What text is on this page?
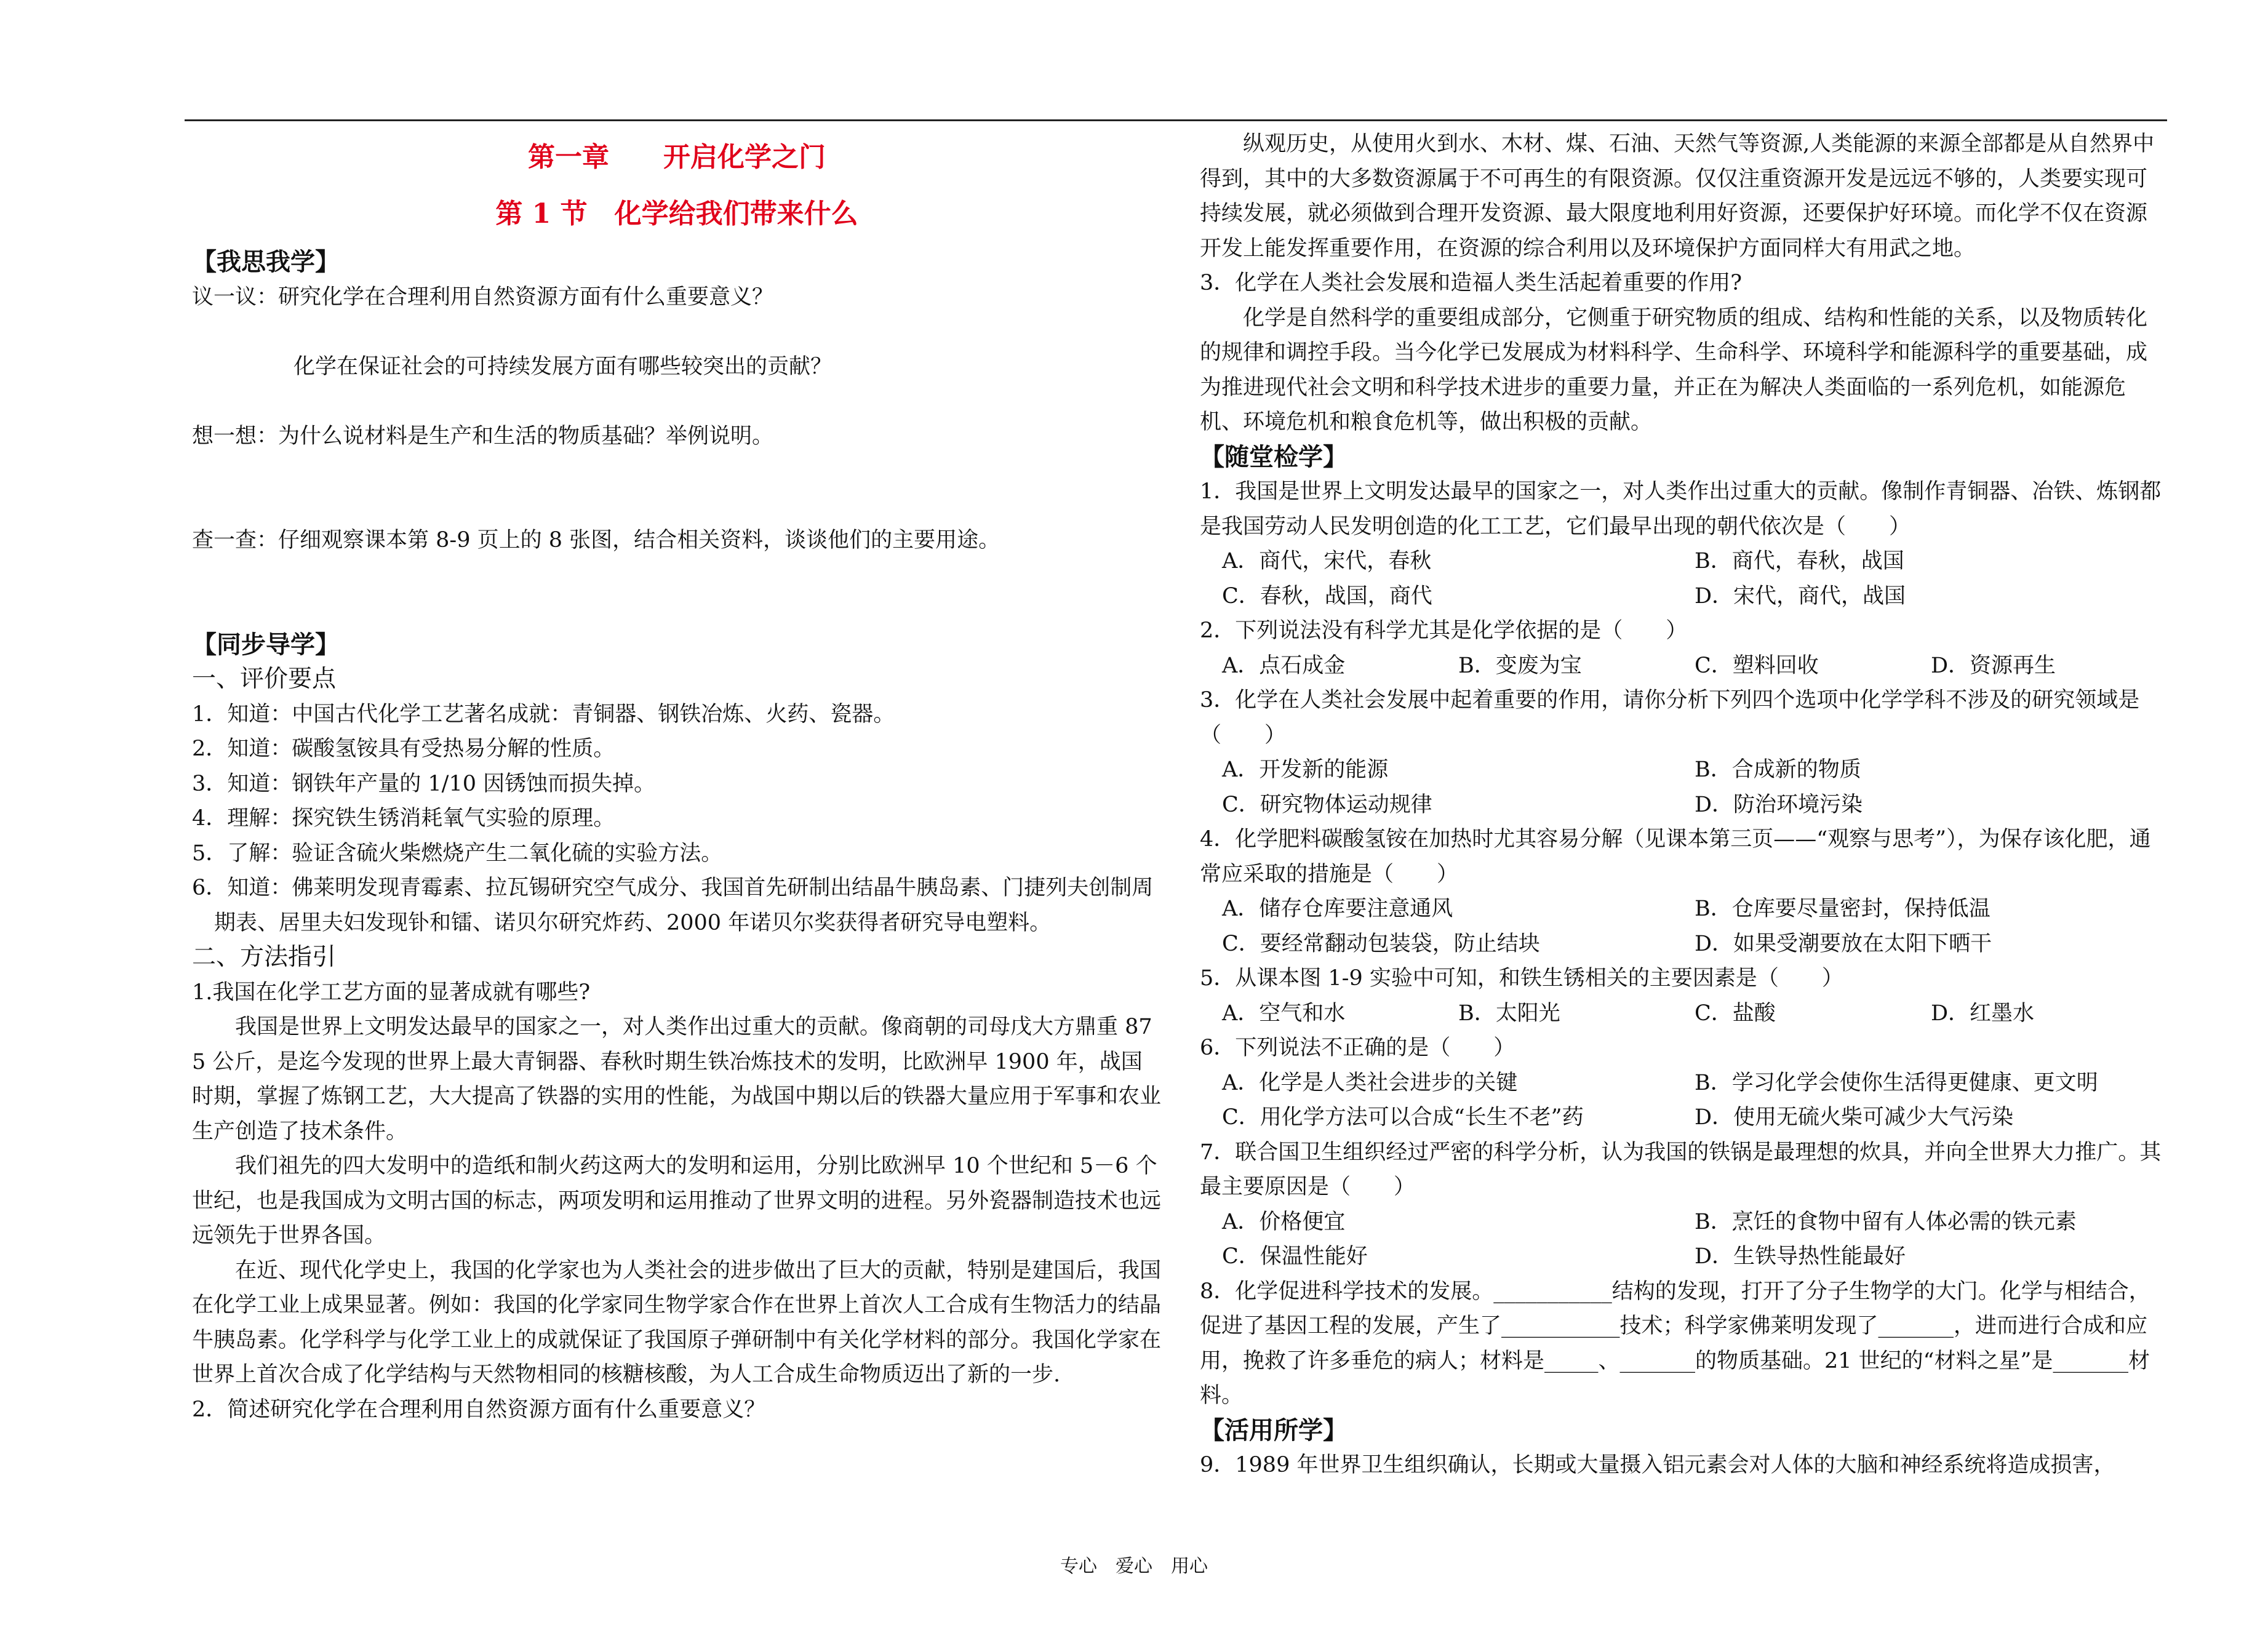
第一章　　开启化学之门
第 1 节　化学给我们带来什么
【我思我学】
议一议：研究化学在合理利用自然资源方面有什么重要意义？
化学在保证社会的可持续发展方面有哪些较突出的贡献？
想一想：为什么说材料是生产和生活的物质基础？举例说明。
查一查：仔细观察课本第 8-9 页上的 8 张图，结合相关资料，谈谈他们的主要用途。
【同步导学】
一、评价要点
1．知道：中国古代化学工艺著名成就：青铜器、钢铁冶炼、火药、瓷器。
2．知道：碳酸氢铵具有受热易分解的性质。
3．知道：钢铁年产量的 1/10 因锈蚀而损失掉。
4．理解：探究铁生锈消耗氧气实验的原理。
5．了解：验证含硫火柴燃烧产生二氧化硫的实验方法。
6．知道：佛莱明发现青霉素、拉瓦锡研究空气成分、我国首先研制出结晶牛胰岛素、门捷列夫创制周期表、居里夫妇发现钋和镭、诺贝尔研究炸药、2000 年诺贝尔奖获得者研究导电塑料。
二、方法指引
1.我国在化学工艺方面的显著成就有哪些?
我国是世界上文明发达最早的国家之一，对人类作出过重大的贡献。像商朝的司母戊大方鼎重 875 公斤，是迄今发现的世界上最大青铜器、春秋时期生铁冶炼技术的发明，比欧洲早 1900 年，战国时期，掌握了炼钢工艺，大大提高了铁器的实用的性能，为战国中期以后的铁器大量应用于军事和农业生产创造了技术条件。
我们祖先的四大发明中的造纸和制火药这两大的发明和运用，分别比欧洲早 10 个世纪和 5－6 个世纪，也是我国成为文明古国的标志，两项发明和运用推动了世界文明的进程。另外瓷器制造技术也远远领先于世界各国。
在近、现代化学史上，我国的化学家也为人类社会的进步做出了巨大的贡献，特别是建国后，我国在化学工业上成果显著。例如：我国的化学家同生物学家合作在世界上首次人工合成有生物活力的结晶牛胰岛素。化学科学与化学工业上的成就保证了我国原子弹研制中有关化学材料的部分。我国化学家在世界上首次合成了化学结构与天然物相同的核糖核酸，为人工合成生命物质迈出了新的一步.
2．简述研究化学在合理利用自然资源方面有什么重要意义？
纵观历史，从使用火到水、木材、煤、石油、天然气等资源,人类能源的来源全部都是从自然界中得到，其中的大多数资源属于不可再生的有限资源。仅仅注重资源开发是远远不够的，人类要实现可持续发展，就必须做到合理开发资源、最大限度地利用好资源，还要保护好环境。而化学不仅在资源开发上能发挥重要作用，在资源的综合利用以及环境保护方面同样大有用武之地。
3．化学在人类社会发展和造福人类生活起着重要的作用?
化学是自然科学的重要组成部分，它侧重于研究物质的组成、结构和性能的关系，以及物质转化的规律和调控手段。当今化学已发展成为材料科学、生命科学、环境科学和能源科学的重要基础，成为推进现代社会文明和科学技术进步的重要力量，并正在为解决人类面临的一系列危机，如能源危机、环境危机和粮食危机等，做出积极的贡献。
【随堂检学】
1．我国是世界上文明发达最早的国家之一，对人类作出过重大的贡献。像制作青铜器、冶铁、炼钢都是我国劳动人民发明创造的化工工艺，它们最早出现的朝代依次是（　　）
A．商代，宋代，春秋	B．商代，春秋，战国
C．春秋，战国，商代	D．宋代，商代，战国
2．下列说法没有科学尤其是化学依据的是（　　）
A．点石成金	B．变废为宝	C．塑料回收	D．资源再生
3．化学在人类社会发展中起着重要的作用，请你分析下列四个选项中化学学科不涉及的研究领域是　　（　　）
A．开发新的能源	B．合成新的物质
C．研究物体运动规律	D．防治环境污染
4．化学肥料碳酸氢铵在加热时尤其容易分解（见课本第三页——“观察与思考”），为保存该化肥，通常应采取的措施是（　　）
A．储存仓库要注意通风	B．仓库要尽量密封，保持低温
C．要经常翻动包装袋，防止结块	D．如果受潮要放在太阳下晒干
5．从课本图 1-9 实验中可知，和铁生锈相关的主要因素是（　　）
A．空气和水	B．太阳光	C．盐酸	D．红墨水
6．下列说法不正确的是（　　）
A．化学是人类社会进步的关键	B．学习化学会使你生活得更健康、更文明
C．用化学方法可以合成“长生不老”药	D．使用无硫火柴可减少大气污染
7．联合国卫生组织经过严密的科学分析，认为我国的铁锅是最理想的炊具，并向全世界大力推广。其最主要原因是（　　）
A．价格便宜	B．烹饪的食物中留有人体必需的铁元素
C．保温性能好	D．生铁导热性能最好
8．化学促进科学技术的发展。___________结构的发现，打开了分子生物学的大门。化学与相结合，促进了基因工程的发展，产生了___________技术；科学家佛莱明发现了_______，进而进行合成和应用，挽救了许多垂危的病人；材料是_____、_______的物质基础。21 世纪的“材料之星”是_______材料。
【活用所学】
9．1989 年世界卫生组织确认，长期或大量摄入铝元素会对人体的大脑和神经系统将造成损害，
专心　爱心　用心
